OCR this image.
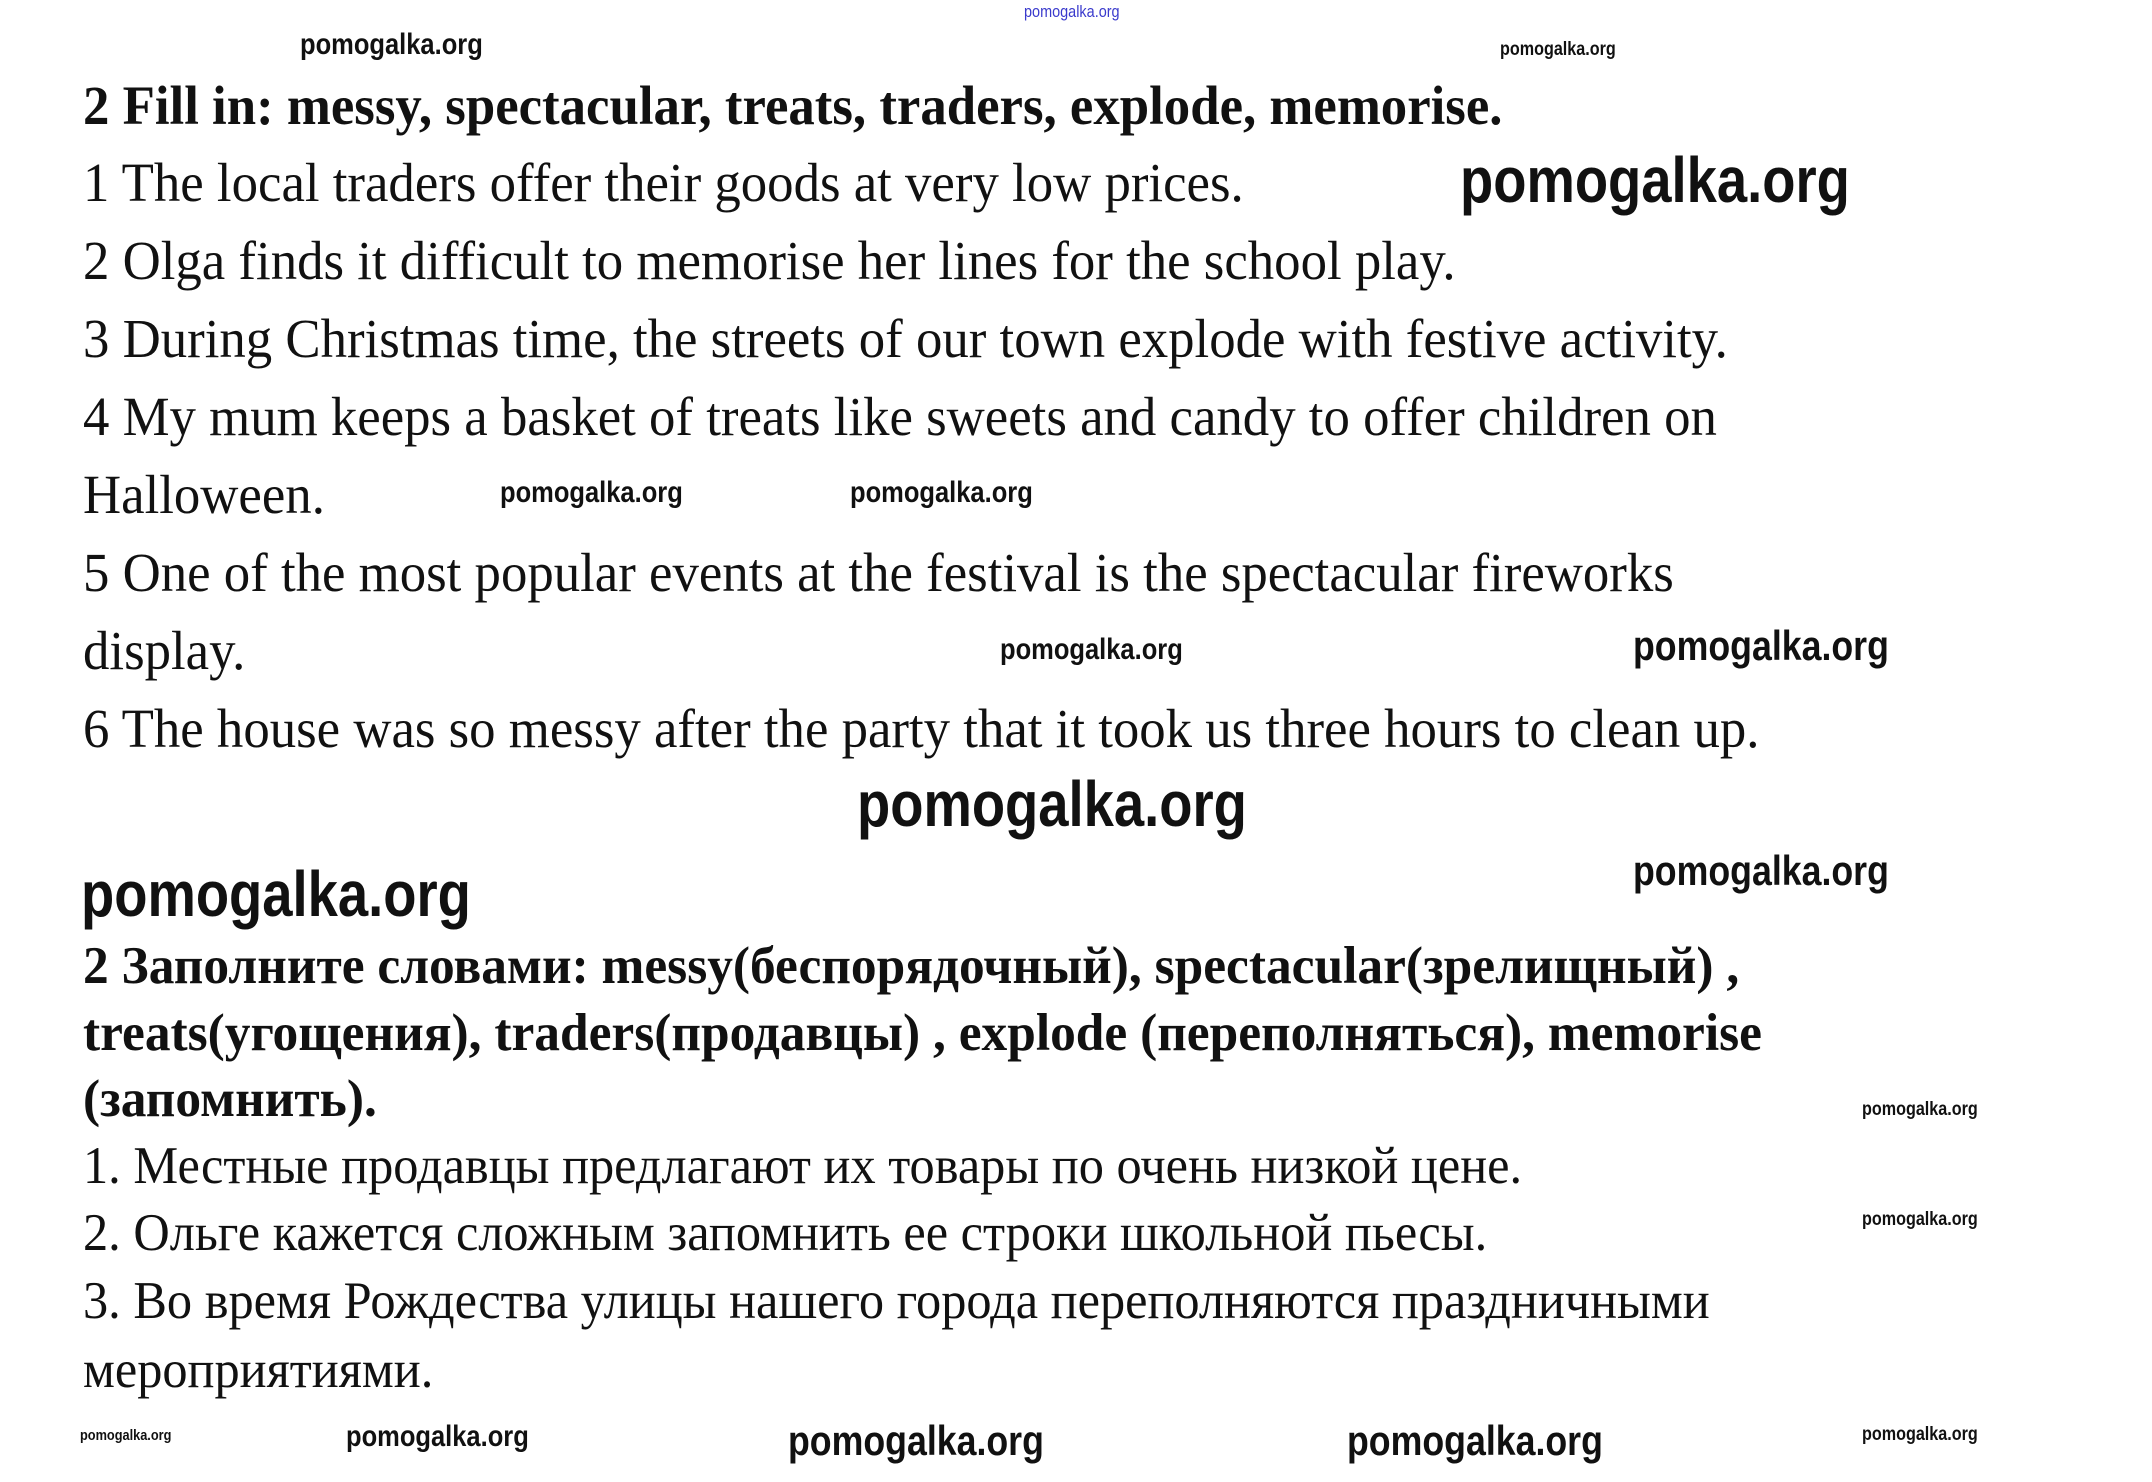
pomogalka.org
2 Fill in: messy, spectacular, treats, traders, explode, memorise.
1 The local traders offer their goods at very low prices.
2 Olga finds it difficult to memorise her lines for the school play.
3 During Christmas time, the streets of our town explode with festive activity.
4 My mum keeps a basket of treats like sweets and candy to offer children on
Halloween.
5 One of the most popular events at the festival is the spectacular fireworks
display.
6 The house was so messy after the party that it took us three hours to clean up.
2 Заполните словами: messy(беспорядочный), spectacular(зрелищный) ,
treats(угощения), traders(продавцы) , explode (переполняться), memorise
(запомнить).
1. Местные продавцы предлагают их товары по очень низкой цене.
2. Ольге кажется сложным запомнить ее строки школьной пьесы.
3. Во время Рождества улицы нашего города переполняются праздничными
мероприятиями.
pomogalka.org	pomogalka.org
pomogalka.org
pomogalka.org
pomogalka.org	pomogalka.org
pomogalka.org
pomogalka.org
pomogalka.org
pomogalka.org
pomogalka.org
pomogalka.org
pomogalka.org
pomogalka.org	pomogalka.org	pomogalka.org	pomogalka.org
